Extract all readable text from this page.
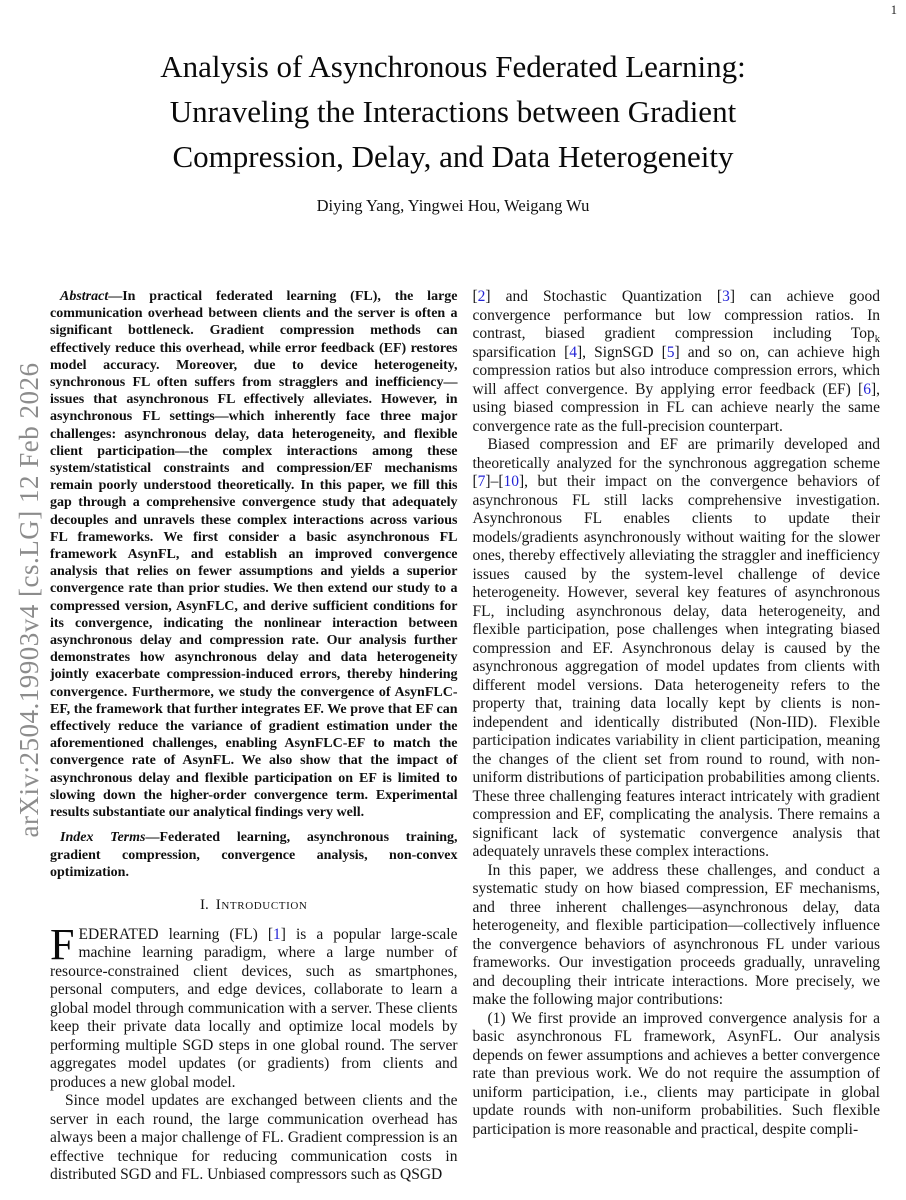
1
arXiv:2504.19903v4 [cs.LG] 12 Feb 2026
Analysis of Asynchronous Federated Learning:
Unraveling the Interactions between Gradient
Compression, Delay, and Data Heterogeneity
Diying Yang, Yingwei Hou, Weigang Wu

Abstract—In practical federated learning (FL), the large communication overhead between clients and the server is often a significant bottleneck. Gradient compression methods can effectively reduce this overhead, while error feedback (EF) restores model accuracy. Moreover, due to device heterogeneity, synchronous FL often suffers from stragglers and inefficiency—issues that asynchronous FL effectively alleviates. However, in asynchronous FL settings—which inherently face three major challenges: asynchronous delay, data heterogeneity, and flexible client participation—the complex interactions among these system/statistical constraints and compression/EF mechanisms remain poorly understood theoretically. In this paper, we fill this gap through a comprehensive convergence study that adequately decouples and unravels these complex interactions across various FL frameworks. We first consider a basic asynchronous FL framework AsynFL, and establish an improved convergence analysis that relies on fewer assumptions and yields a superior convergence rate than prior studies. We then extend our study to a compressed version, AsynFLC, and derive sufficient conditions for its convergence, indicating the nonlinear interaction between asynchronous delay and compression rate. Our analysis further demonstrates how asynchronous delay and data heterogeneity jointly exacerbate compression-induced errors, thereby hindering convergence. Furthermore, we study the convergence of AsynFLC-EF, the framework that further integrates EF. We prove that EF can effectively reduce the variance of gradient estimation under the aforementioned challenges, enabling AsynFLC-EF to match the convergence rate of AsynFL. We also show that the impact of asynchronous delay and flexible participation on EF is limited to slowing down the higher-order convergence term. Experimental results substantiate our analytical findings very well.

Index Terms—Federated learning, asynchronous training, gradient compression, convergence analysis, non-convex optimization.

I. Introduction

FEDERATED learning (FL) [1] is a popular large-scale machine learning paradigm, where a large number of resource-constrained client devices, such as smartphones, personal computers, and edge devices, collaborate to learn a global model through communication with a server. These clients keep their private data locally and optimize local models by performing multiple SGD steps in one global round. The server aggregates model updates (or gradients) from clients and produces a new global model.

Since model updates are exchanged between clients and the server in each round, the large communication overhead has always been a major challenge of FL. Gradient compression is an effective technique for reducing communication costs in distributed SGD and FL. Unbiased compressors such as QSGD

[2] and Stochastic Quantization [3] can achieve good convergence performance but low compression ratios. In contrast, biased gradient compression including Top$_k$ sparsification [4], SignSGD [5] and so on, can achieve high compression ratios but also introduce compression errors, which will affect convergence. By applying error feedback (EF) [6], using biased compression in FL can achieve nearly the same convergence rate as the full-precision counterpart.

Biased compression and EF are primarily developed and theoretically analyzed for the synchronous aggregation scheme [7]–[10], but their impact on the convergence behaviors of asynchronous FL still lacks comprehensive investigation. Asynchronous FL enables clients to update their models/gradients asynchronously without waiting for the slower ones, thereby effectively alleviating the straggler and inefficiency issues caused by the system-level challenge of device heterogeneity. However, several key features of asynchronous FL, including asynchronous delay, data heterogeneity, and flexible participation, pose challenges when integrating biased compression and EF. Asynchronous delay is caused by the asynchronous aggregation of model updates from clients with different model versions. Data heterogeneity refers to the property that, training data locally kept by clients is non-independent and identically distributed (Non-IID). Flexible participation indicates variability in client participation, meaning the changes of the client set from round to round, with non-uniform distributions of participation probabilities among clients. These three challenging features interact intricately with gradient compression and EF, complicating the analysis. There remains a significant lack of systematic convergence analysis that adequately unravels these complex interactions.

In this paper, we address these challenges, and conduct a systematic study on how biased compression, EF mechanisms, and three inherent challenges—asynchronous delay, data heterogeneity, and flexible participation—collectively influence the convergence behaviors of asynchronous FL under various frameworks. Our investigation proceeds gradually, unraveling and decoupling their intricate interactions. More precisely, we make the following major contributions:

(1) We first provide an improved convergence analysis for a basic asynchronous FL framework, AsynFL. Our analysis depends on fewer assumptions and achieves a better convergence rate than previous work. We do not require the assumption of uniform participation, i.e., clients may participate in global update rounds with non-uniform probabilities. Such flexible participation is more reasonable and practical, despite compli-
